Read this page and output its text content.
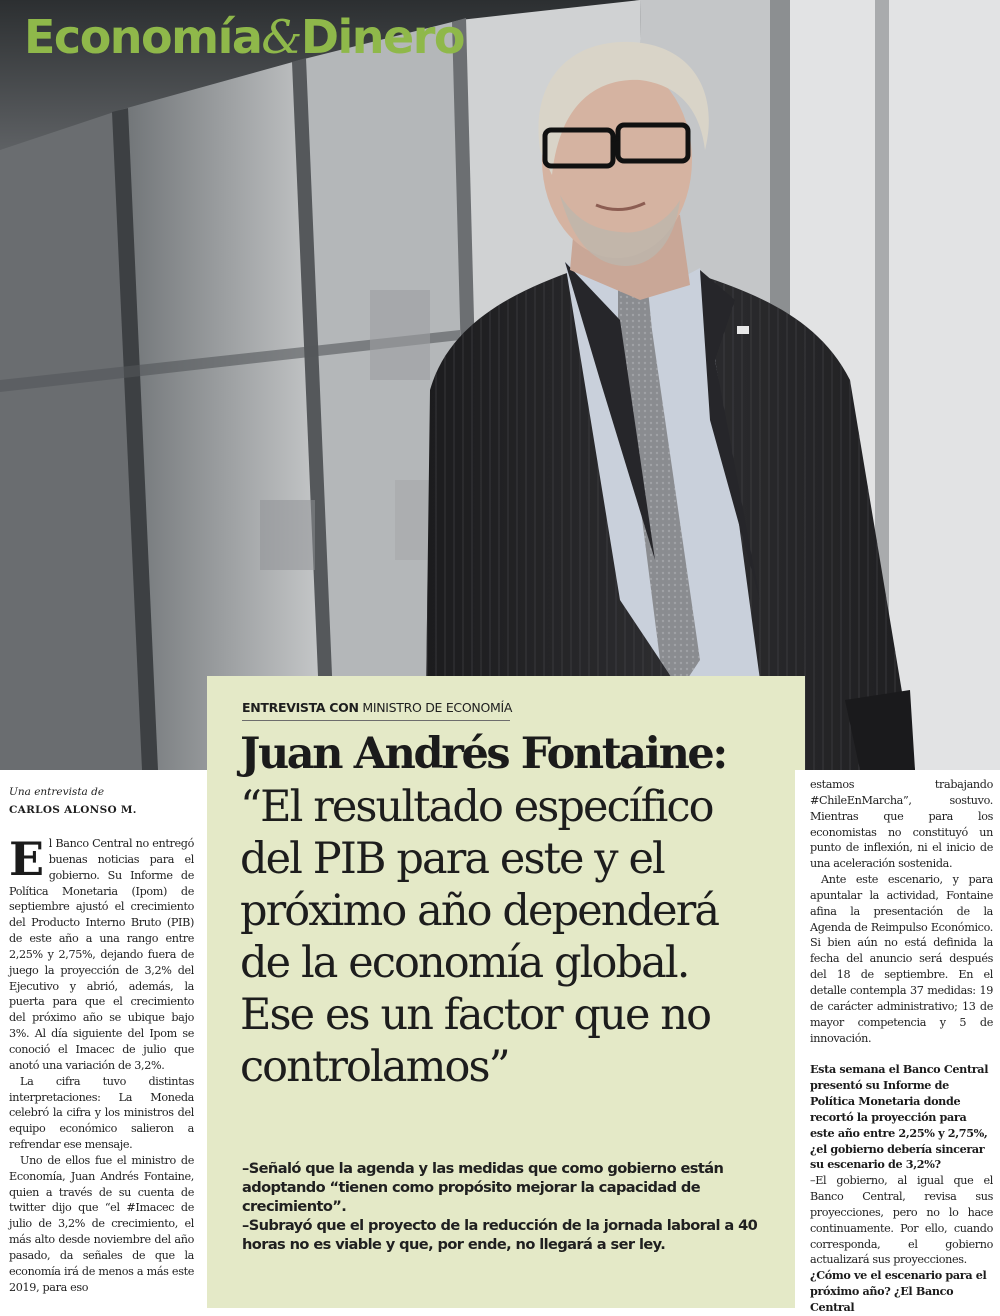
Economía&Dinero
ENTREVISTA CON MINISTRO DE ECONOMÍA
Juan Andrés Fontaine:
“El resultado específico
del PIB para este y el
próximo año dependerá
de la economía global.
Ese es un factor que no
controlamos”

–Señaló que la agenda y las medidas que como gobierno están adoptando “tienen como propósito mejorar la capacidad de crecimiento”.

–Subrayó que el proyecto de la reducción de la jornada laboral a 40 horas no es viable y que, por ende, no llegará a ser ley.

Una entrevista de
CARLOS ALONSO M.

El Banco Central no entregó buenas noticias para el gobierno. Su Informe de Política Monetaria (Ipom) de septiembre ajustó el crecimiento del Producto Interno Bruto (PIB) de este año a una rango entre 2,25% y 2,75%, dejando fuera de juego la proyección de 3,2% del Ejecutivo y abrió, además, la puerta para que el crecimiento del próximo año se ubique bajo 3%. Al día siguiente del Ipom se conoció el Imacec de julio que anotó una variación de 3,2%.

La cifra tuvo distintas interpretaciones: La Moneda celebró la cifra y los ministros del equipo económico salieron a refrendar ese mensaje.

Uno de ellos fue el ministro de Economía, Juan Andrés Fontaine, quien a través de su cuenta de twitter dijo que “el #Imacec de julio de 3,2% de crecimiento, el más alto desde noviembre del año pasado, da señales de que la economía irá de menos a más este 2019, para eso

estamos trabajando #ChileEnMarcha”, sostuvo. Mientras que para los economistas no constituyó un punto de inflexión, ni el inicio de una aceleración sostenida.

Ante este escenario, y para apuntalar la actividad, Fontaine afina la presentación de la Agenda de Reimpulso Económico. Si bien aún no está definida la fecha del anuncio será después del 18 de septiembre. En el detalle contempla 37 medidas: 19 de carácter administrativo; 13 de mayor competencia y 5 de innovación.

Esta semana el Banco Central presentó su Informe de Política Monetaria donde recortó la proyección para este año entre 2,25% y 2,75%, ¿el gobierno debería sincerar su escenario de 3,2%?

–El gobierno, al igual que el Banco Central, revisa sus proyecciones, pero no lo hace continuamente. Por ello, cuando corresponda, el gobierno actualizará sus proyecciones.

¿Cómo ve el escenario para el próximo año? ¿El Banco Central
